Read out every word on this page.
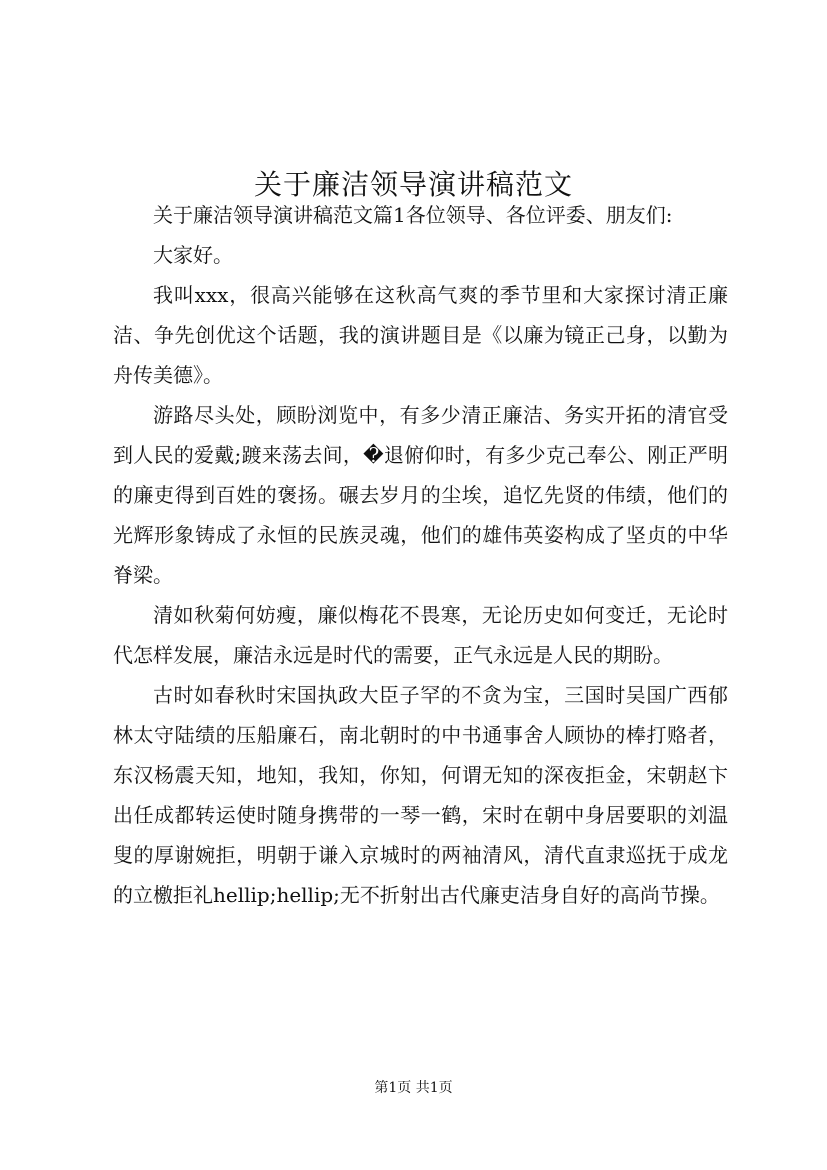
关于廉洁领导演讲稿范文

关于廉洁领导演讲稿范文篇1各位领导、各位评委、朋友们:

大家好。

我叫xxx，很高兴能够在这秋高气爽的季节里和大家探讨清正廉洁、争先创优这个话题，我的演讲题目是《以廉为镜正己身，以勤为舟传美德》。

游路尽头处，顾盼浏览中，有多少清正廉洁、务实开拓的清官受到人民的爱戴;踱来荡去间，�退俯仰时，有多少克己奉公、刚正严明的廉吏得到百姓的褒扬。碾去岁月的尘埃，追忆先贤的伟绩，他们的光辉形象铸成了永恒的民族灵魂，他们的雄伟英姿构成了坚贞的中华脊梁。

清如秋菊何妨瘦，廉似梅花不畏寒，无论历史如何变迁，无论时代怎样发展，廉洁永远是时代的需要，正气永远是人民的期盼。

古时如春秋时宋国执政大臣子罕的不贪为宝，三国时吴国广西郁林太守陆绩的压船廉石，南北朝时的中书通事舍人顾协的棒打赂者，东汉杨震天知，地知，我知，你知，何谓无知的深夜拒金，宋朝赵卞出任成都转运使时随身携带的一琴一鹤，宋时在朝中身居要职的刘温叟的厚谢婉拒，明朝于谦入京城时的两袖清风，清代直隶巡抚于成龙的立檄拒礼hellip;hellip;无不折射出古代廉吏洁身自好的高尚节操。

第1页 共1页
